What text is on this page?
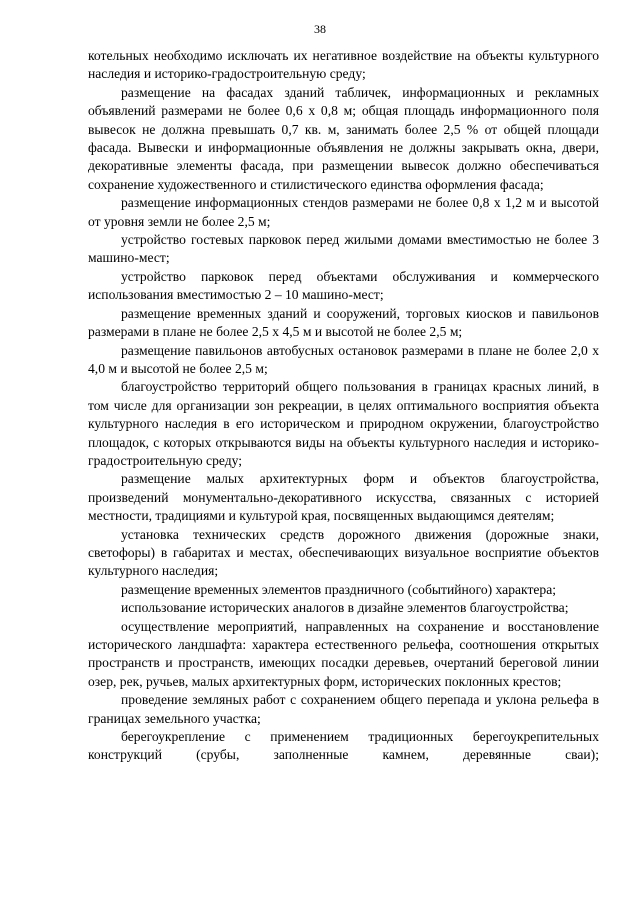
38

котельных необходимо исключать их негативное воздействие на объекты культурного наследия и историко-градостроительную среду;

размещение на фасадах зданий табличек, информационных и рекламных объявлений размерами не более 0,6 х 0,8 м; общая площадь информационного поля вывесок не должна превышать 0,7 кв. м, занимать более 2,5 % от общей площади фасада. Вывески и информационные объявления не должны закрывать окна, двери, декоративные элементы фасада, при размещении вывесок должно обеспечиваться сохранение художественного и стилистического единства оформления фасада;

размещение информационных стендов размерами не более 0,8 х 1,2 м и высотой от уровня земли не более 2,5 м;

устройство гостевых парковок перед жилыми домами вместимостью не более 3 машино-мест;

устройство парковок перед объектами обслуживания и коммерческого использования вместимостью 2 – 10 машино-мест;

размещение временных зданий и сооружений, торговых киосков и павильонов размерами в плане не более 2,5 х 4,5 м и высотой не более 2,5 м;

размещение павильонов автобусных остановок размерами в плане не более 2,0 х 4,0 м и высотой не более 2,5 м;

благоустройство территорий общего пользования в границах красных линий, в том числе для организации зон рекреации, в целях оптимального восприятия объекта культурного наследия в его историческом и природном окружении, благоустройство площадок, с которых открываются виды на объекты культурного наследия и историко-градостроительную среду;

размещение малых архитектурных форм и объектов благоустройства, произведений монументально-декоративного искусства, связанных с историей местности, традициями и культурой края, посвященных выдающимся деятелям;

установка технических средств дорожного движения (дорожные знаки, светофоры) в габаритах и местах, обеспечивающих визуальное восприятие объектов культурного наследия;

размещение временных элементов праздничного (событийного) характера;

использование исторических аналогов в дизайне элементов благоустройства;

осуществление мероприятий, направленных на сохранение и восстановление исторического ландшафта: характера естественного рельефа, соотношения открытых пространств и пространств, имеющих посадки деревьев, очертаний береговой линии озер, рек, ручьев, малых архитектурных форм, исторических поклонных крестов;

проведение земляных работ с сохранением общего перепада и уклона рельефа в границах земельного участка;

берегоукрепление с применением традиционных берегоукрепительных конструкций (срубы, заполненные камнем, деревянные сваи);
